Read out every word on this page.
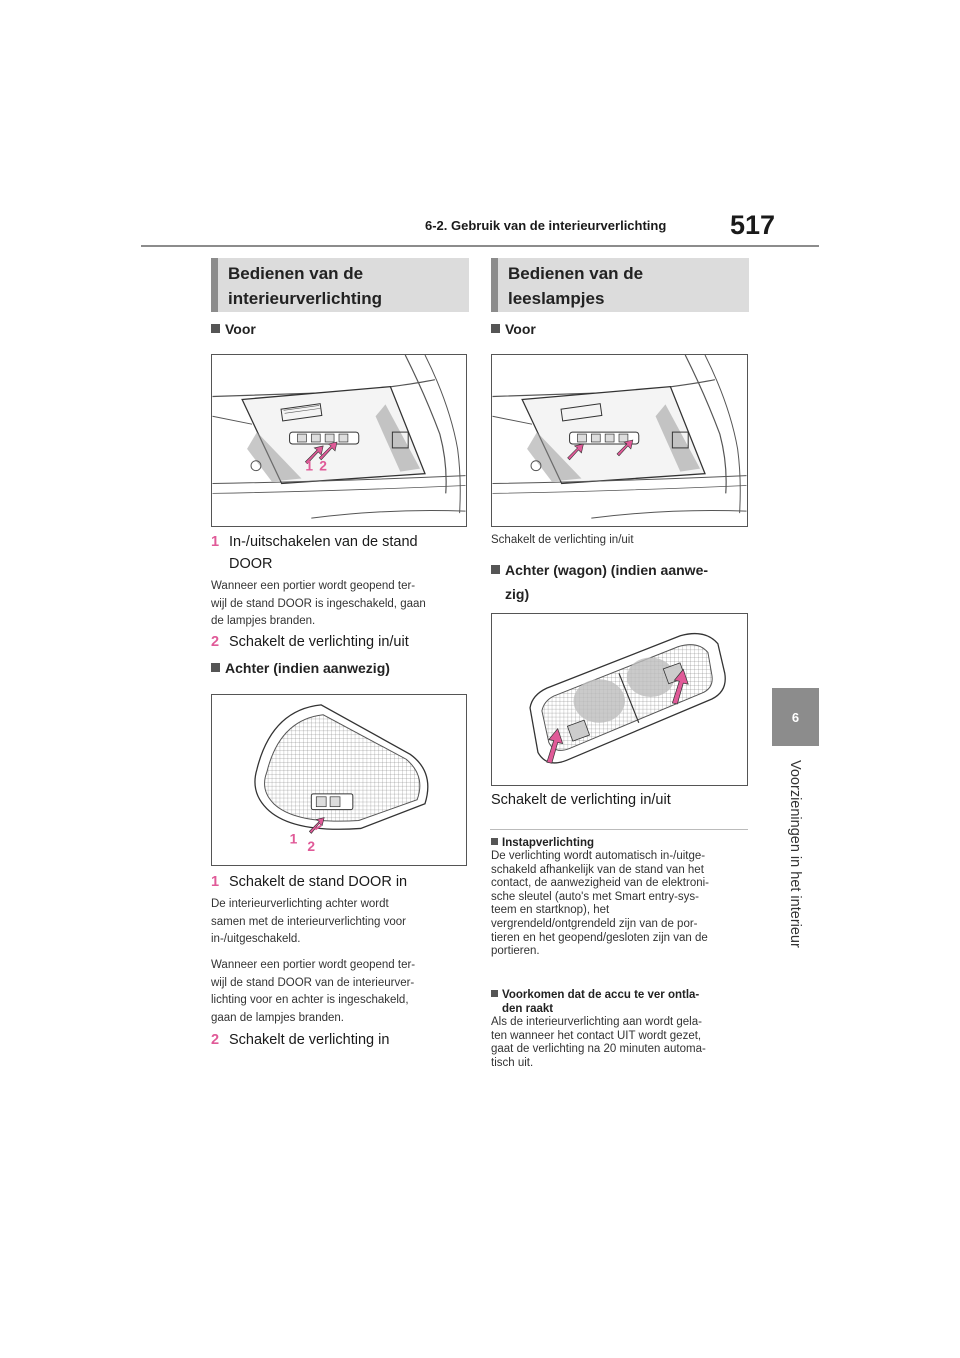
6-2. Gebruik van de interieurverlichting 517
6
Voorzieningen in het interieur
Bedienen van de
interieurverlichting
Voor
1 2
1 In-/uitschakelen van de stand
DOOR
Wanneer een portier wordt geopend ter-
wijl de stand DOOR is ingeschakeld, gaan
de lampjes branden.
2 Schakelt de verlichting in/uit
Achter (indien aanwezig)
1 2
1 Schakelt de stand DOOR in
De interieurverlichting achter wordt
samen met de interieurverlichting voor
in-/uitgeschakeld.
Wanneer een portier wordt geopend ter-
wijl de stand DOOR van de interieurver-
lichting voor en achter is ingeschakeld,
gaan de lampjes branden.
2 Schakelt de verlichting in
Bedienen van de
leeslampjes
Voor
Schakelt de verlichting in/uit
Achter (wagon) (indien aanwe-
zig)
Schakelt de verlichting in/uit
Instapverlichting
De verlichting wordt automatisch in-/uitge-
schakeld afhankelijk van de stand van het
contact, de aanwezigheid van de elektroni-
sche sleutel (auto's met Smart entry-sys-
teem en startknop), het
vergrendeld/ontgrendeld zijn van de por-
tieren en het geopend/gesloten zijn van de
portieren.
Voorkomen dat de accu te ver ontla-
den raakt
Als de interieurverlichting aan wordt gela-
ten wanneer het contact UIT wordt gezet,
gaat de verlichting na 20 minuten automa-
tisch uit.
